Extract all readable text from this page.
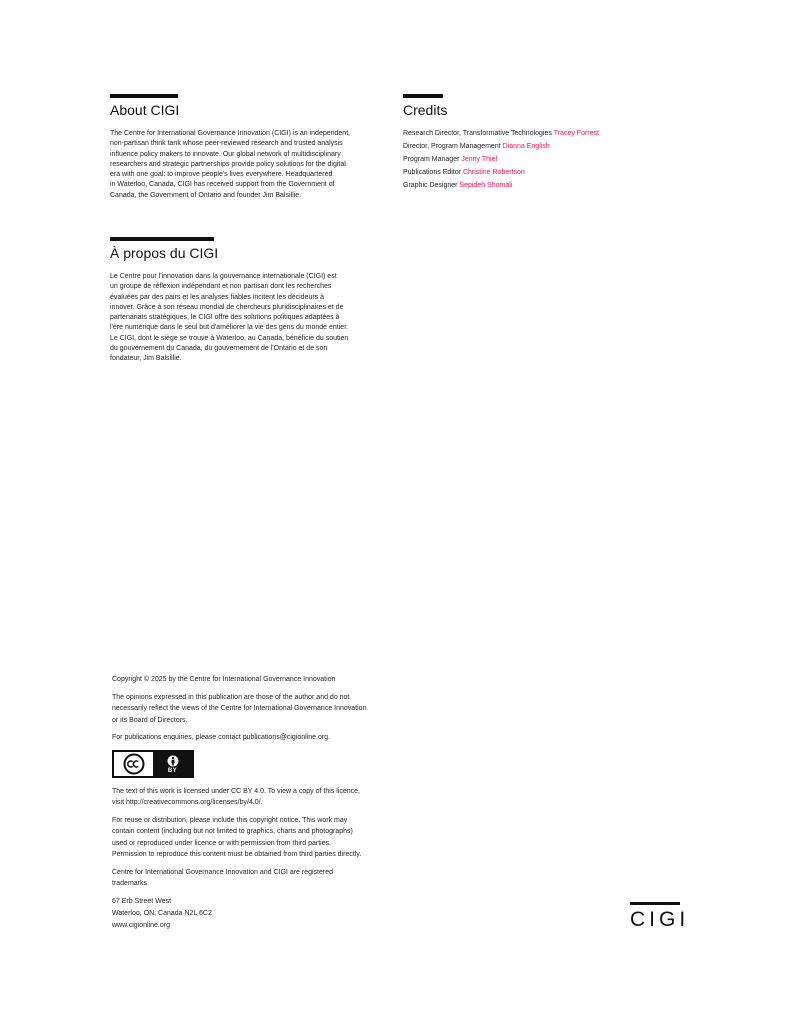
About CIGI

The Centre for International Governance Innovation (CIGI) is an independent,
non-partisan think tank whose peer-reviewed research and trusted analysis
influence policy makers to innovate. Our global network of multidisciplinary
researchers and strategic partnerships provide policy solutions for the digital
era with one goal: to improve people's lives everywhere. Headquartered
in Waterloo, Canada, CIGI has received support from the Government of
Canada, the Government of Ontario and founder Jim Balsillie.

À propos du CIGI

Le Centre pour l'innovation dans la gouvernance internationale (CIGI) est
un groupe de réflexion indépendant et non partisan dont les recherches
évaluées par des pairs et les analyses fiables incitent les décideurs à
innover. Grâce à son réseau mondial de chercheurs pluridisciplinaires et de
partenariats stratégiques, le CIGI offre des solutions politiques adaptées à
l'ère numérique dans le seul but d'améliorer la vie des gens du monde entier.
Le CIGI, dont le siège se trouve à Waterloo, au Canada, bénéficie du soutien
du gouvernement du Canada, du gouvernement de l'Ontario et de son
fondateur, Jim Balsillie.

Credits
Research Director, Transformative Technologies Tracey Forrest
Director, Program Management Dianna English
Program Manager Jenny Thiel
Publications Editor Christine Robertson
Graphic Designer Sepideh Shomali

Copyright © 2025 by the Centre for International Governance Innovation

The opinions expressed in this publication are those of the author and do not
necessarily reflect the views of the Centre for International Governance Innovation
or its Board of Directors.

For publications enquiries, please contact publications@cigionline.org.

BY

The text of this work is licensed under CC BY 4.0. To view a copy of this licence,
visit http://creativecommons.org/licenses/by/4.0/.

For reuse or distribution, please include this copyright notice. This work may
contain content (including but not limited to graphics, charts and photographs)
used or reproduced under licence or with permission from third parties.
Permission to reproduce this content must be obtained from third parties directly.

Centre for International Governance Innovation and CIGI are registered
trademarks.

67 Erb Street West

Waterloo, ON, Canada N2L 6C2

www.cigionline.org	CIGI
